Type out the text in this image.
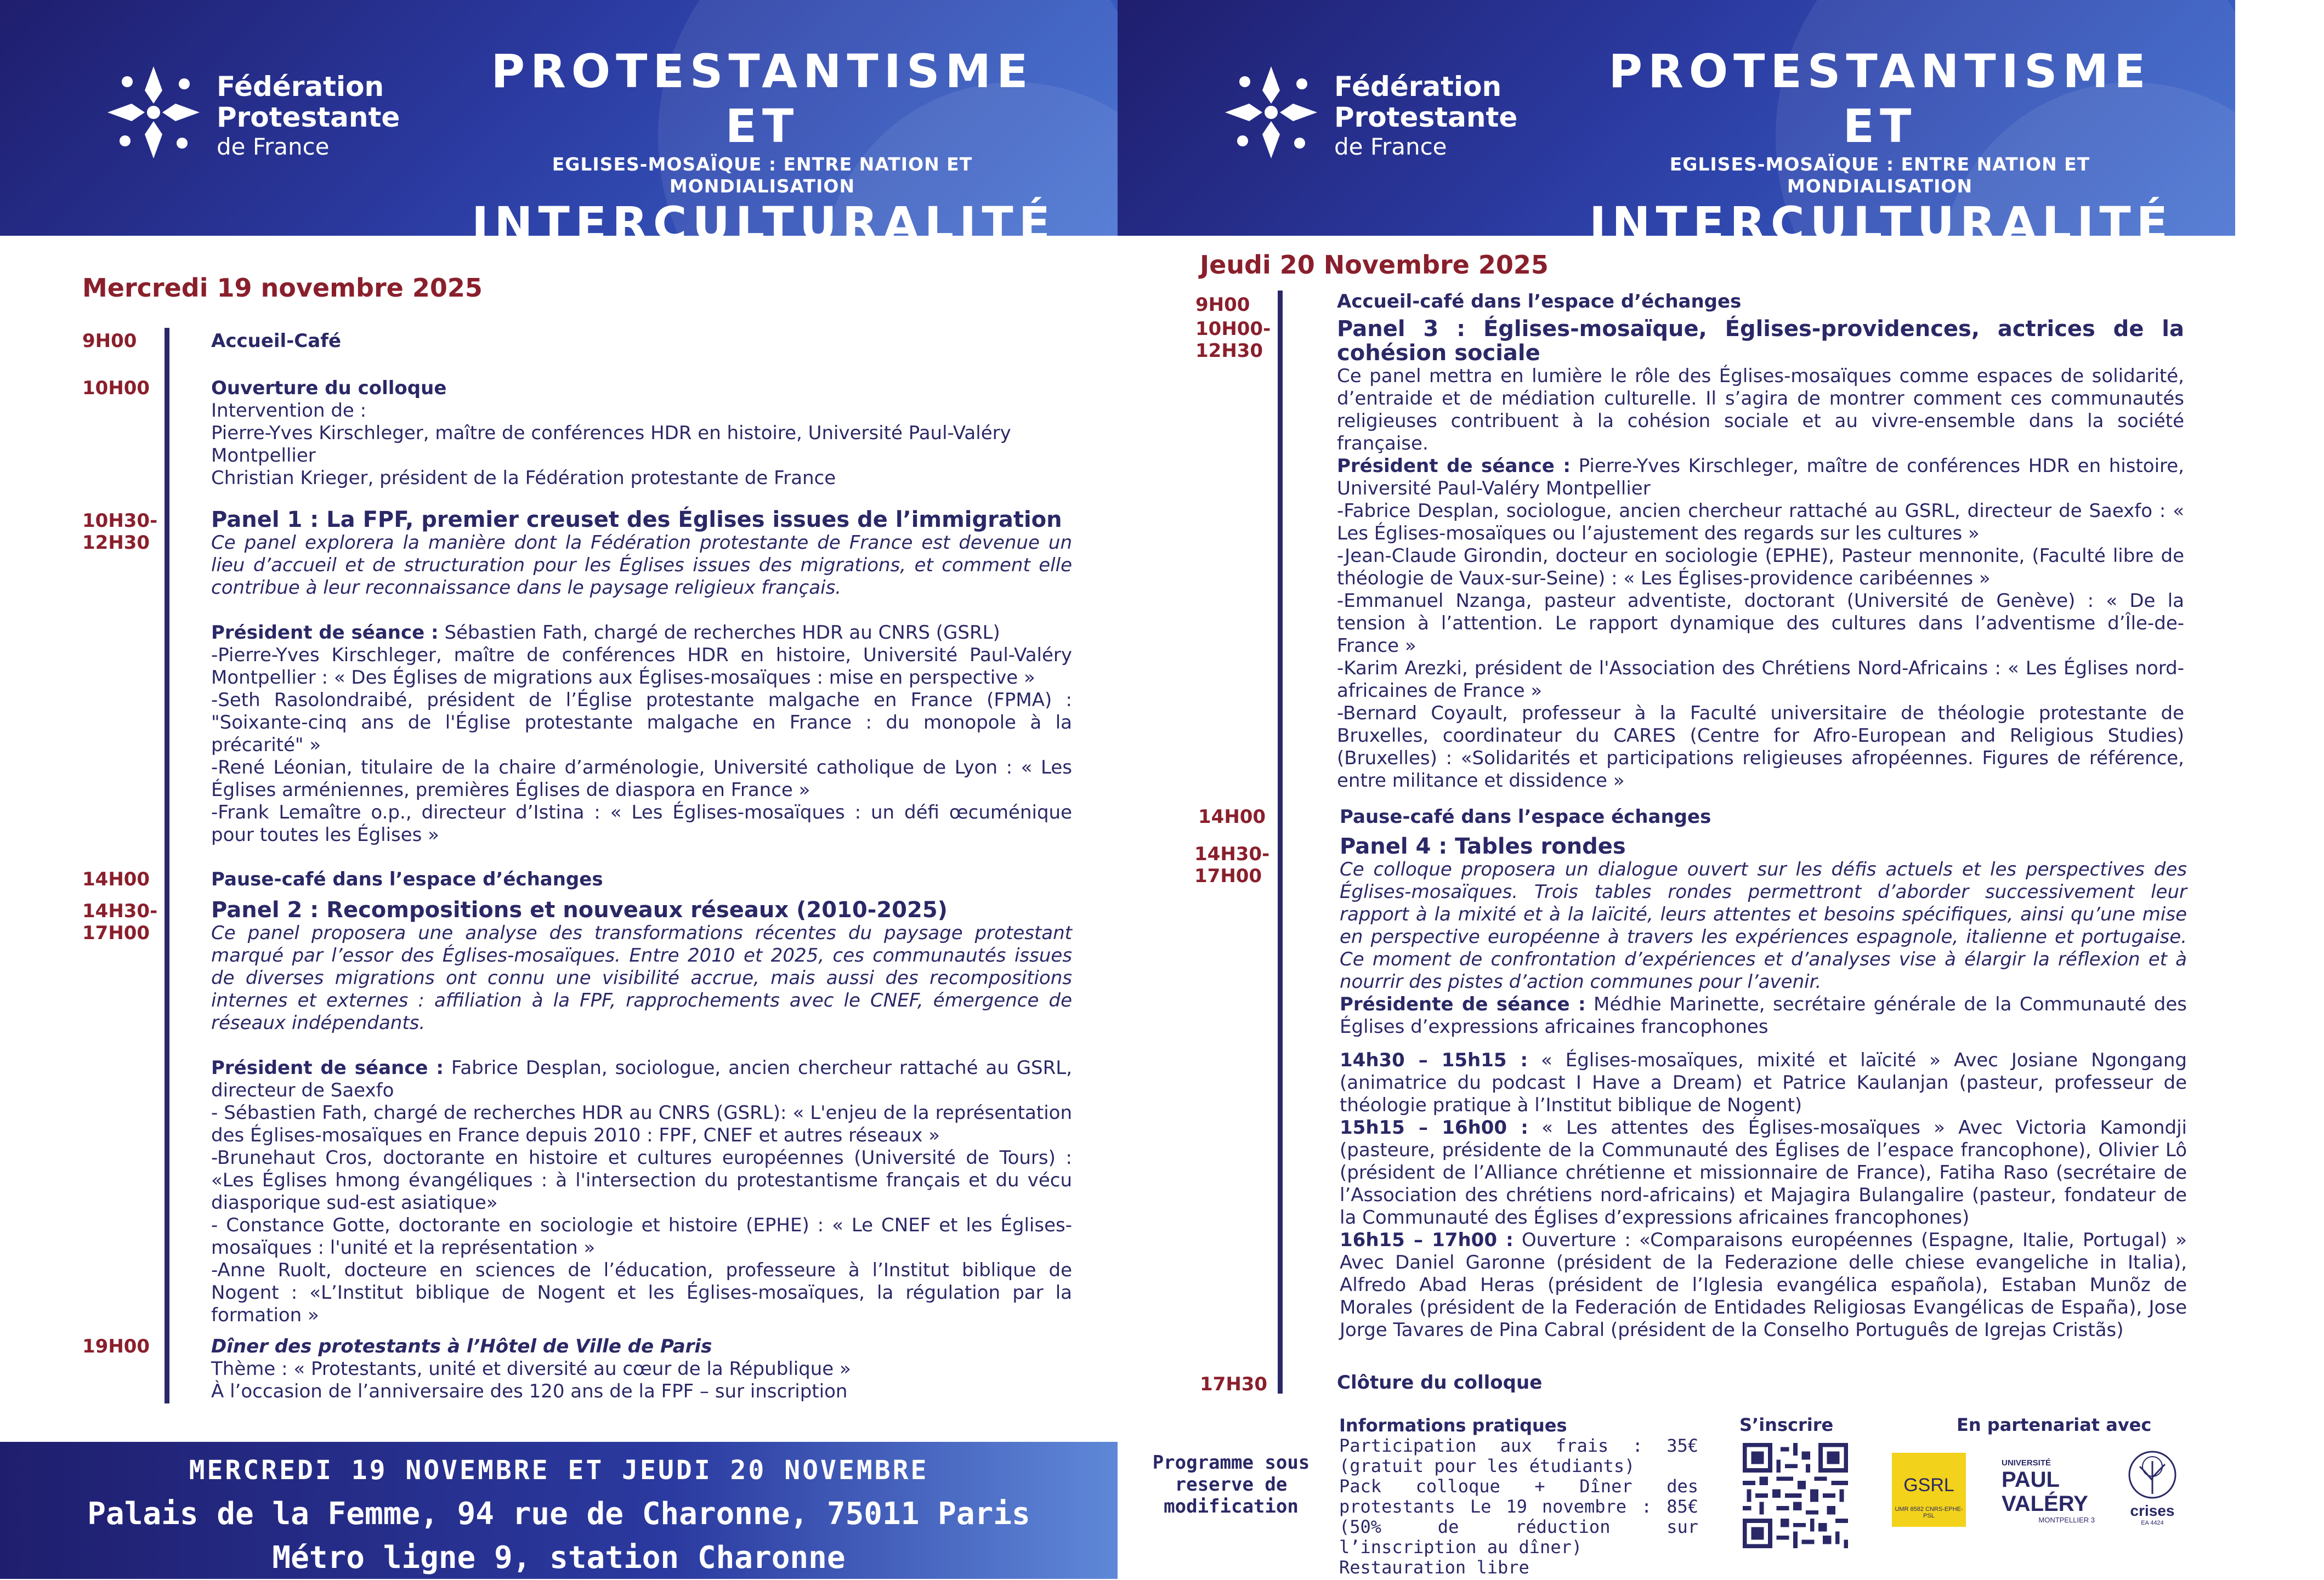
Fédération
Protestante
de France
PROTESTANTISME ET
EGLISES-MOSAÏQUE : ENTRE NATION ET MONDIALISATION
INTERCULTURALITÉ
PROGRAMME
Fédération
Protestante
de France
PROTESTANTISME ET
EGLISES-MOSAÏQUE : ENTRE NATION ET MONDIALISATION
INTERCULTURALITÉ
PROGRAMME
Mercredi 19 novembre 2025
9H00	Accueil-Café
10H00	Ouverture du colloque
Intervention de :
Pierre-Yves Kirschleger, maître de conférences HDR en histoire, Université Paul-Valéry Montpellier
Christian Krieger, président de la Fédération protestante de France
10H30-
12H30
Panel 1 : La FPF, premier creuset des Églises issues de l’immigration
Ce panel explorera la manière dont la Fédération protestante de France est devenue un lieu d’accueil et de structuration pour les Églises issues des migrations, et comment elle contribue à leur reconnaissance dans le paysage religieux français.
Président de séance : Sébastien Fath, chargé de recherches HDR au CNRS (GSRL)
-Pierre-Yves Kirschleger, maître de conférences HDR en histoire, Université Paul-Valéry Montpellier : « Des Églises de migrations aux Églises-mosaïques : mise en perspective »
-Seth Rasolondraibé, président de l’Église protestante malgache en France (FPMA) : "Soixante-cinq ans de l'Église protestante malgache en France : du monopole à la précarité" »
-René Léonian, titulaire de la chaire d’arménologie, Université catholique de Lyon : « Les Églises arméniennes, premières Églises de diaspora en France »
-Frank Lemaître o.p., directeur d’Istina : « Les Églises-mosaïques : un défi œcuménique pour toutes les Églises »
14H00	Pause-café dans l’espace d’échanges
14H30-
17H00
Panel 2 : Recompositions et nouveaux réseaux (2010-2025)
Ce panel proposera une analyse des transformations récentes du paysage protestant marqué par l’essor des Églises-mosaïques. Entre 2010 et 2025, ces communautés issues de diverses migrations ont connu une visibilité accrue, mais aussi des recompositions internes et externes : affiliation à la FPF, rapprochements avec le CNEF, émergence de réseaux indépendants.
Président de séance : Fabrice Desplan, sociologue, ancien chercheur rattaché au GSRL, directeur de Saexfo
- Sébastien Fath, chargé de recherches HDR au CNRS (GSRL): « L'enjeu de la représentation des Églises-mosaïques en France depuis 2010 : FPF, CNEF et autres réseaux »
-Brunehaut Cros, doctorante en histoire et cultures européennes (Université de Tours) : «Les Églises hmong évangéliques : à l'intersection du protestantisme français et du vécu diasporique sud-est asiatique»
- Constance Gotte, doctorante en sociologie et histoire (EPHE) : « Le CNEF et les Églises-mosaïques : l'unité et la représentation »
-Anne Ruolt, docteure en sciences de l’éducation, professeure à l’Institut biblique de Nogent : «L’Institut biblique de Nogent et les Églises-mosaïques, la régulation par la formation »
19H00	Dîner des protestants à l’Hôtel de Ville de Paris
Thème : « Protestants, unité et diversité au cœur de la République »
À l’occasion de l’anniversaire des 120 ans de la FPF – sur inscription
MERCREDI 19 NOVEMBRE ET JEUDI 20 NOVEMBRE
Palais de la Femme, 94 rue de Charonne, 75011 Paris
Métro ligne 9, station Charonne
Jeudi 20 Novembre 2025
9H00	Accueil-café dans l’espace d’échanges
10H00-
12H30
Panel 3 : Églises-mosaïque, Églises-providences, actrices de la cohésion sociale
Ce panel mettra en lumière le rôle des Églises-mosaïques comme espaces de solidarité, d’entraide et de médiation culturelle. Il s’agira de montrer comment ces communautés religieuses contribuent à la cohésion sociale et au vivre-ensemble dans la société française.
Président de séance : Pierre-Yves Kirschleger, maître de conférences HDR en histoire, Université Paul-Valéry Montpellier
-Fabrice Desplan, sociologue, ancien chercheur rattaché au GSRL, directeur de Saexfo : « Les Églises-mosaïques ou l’ajustement des regards sur les cultures »
-Jean-Claude Girondin, docteur en sociologie (EPHE), Pasteur mennonite, (Faculté libre de théologie de Vaux-sur-Seine) : « Les Églises-providence caribéennes »
-Emmanuel Nzanga, pasteur adventiste, doctorant (Université de Genève) : « De la tension à l’attention. Le rapport dynamique des cultures dans l’adventisme d’Île-de-France »
-Karim Arezki, président de l'Association des Chrétiens Nord-Africains : « Les Églises nord-africaines de France »
-Bernard Coyault, professeur à la Faculté universitaire de théologie protestante de Bruxelles, coordinateur du CARES (Centre for Afro-European and Religious Studies) (Bruxelles) : «Solidarités et participations religieuses afropéennes. Figures de référence, entre militance et dissidence »
14H00	Pause-café dans l’espace échanges
14H30-
17H00
Panel 4 : Tables rondes
Ce colloque proposera un dialogue ouvert sur les défis actuels et les perspectives des Églises-mosaïques. Trois tables rondes permettront d’aborder successivement leur rapport à la mixité et à la laïcité, leurs attentes et besoins spécifiques, ainsi qu’une mise en perspective européenne à travers les expériences espagnole, italienne et portugaise. Ce moment de confrontation d’expériences et d’analyses vise à élargir la réflexion et à nourrir des pistes d’action communes pour l’avenir.
Présidente de séance : Médhie Marinette, secrétaire générale de la Communauté des Églises d’expressions africaines francophones
14h30 – 15h15 : « Églises-mosaïques, mixité et laïcité » Avec Josiane Ngongang (animatrice du podcast I Have a Dream) et Patrice Kaulanjan (pasteur, professeur de théologie pratique à l’Institut biblique de Nogent)
15h15 – 16h00 : « Les attentes des Églises-mosaïques » Avec Victoria Kamondji (pasteure, présidente de la Communauté des Églises de l’espace francophone), Olivier Lô (président de l’Alliance chrétienne et missionnaire de France), Fatiha Raso (secrétaire de l’Association des chrétiens nord-africains) et Majagira Bulangalire (pasteur, fondateur de la Communauté des Églises d’expressions africaines francophones)
16h15 – 17h00 : Ouverture : «Comparaisons européennes (Espagne, Italie, Portugal) » Avec Daniel Garonne (président de la Federazione delle chiese evangeliche in Italia), Alfredo Abad Heras (président de l’Iglesia evangélica española), Estaban Munõz de Morales (président de la Federación de Entidades Religiosas Evangélicas de España), Jose Jorge Tavares de Pina Cabral (président de la Conselho Português de Igrejas Cristãs)
17H30	Clôture du colloque
Programme sous reserve de modification
Informations pratiques
Participation aux frais : 35€ (gratuit pour les étudiants)
Pack colloque + Dîner des protestants Le 19 novembre : 85€ (50% de réduction sur l’inscription au dîner)
Restauration libre
S’inscrire	En partenariat avec
GSRL
UMR 8582 CNRS-EPHE-PSL
UNIVERSITÉ
PAUL VALÉRY
MONTPELLIER 3
crises
EA 4424
